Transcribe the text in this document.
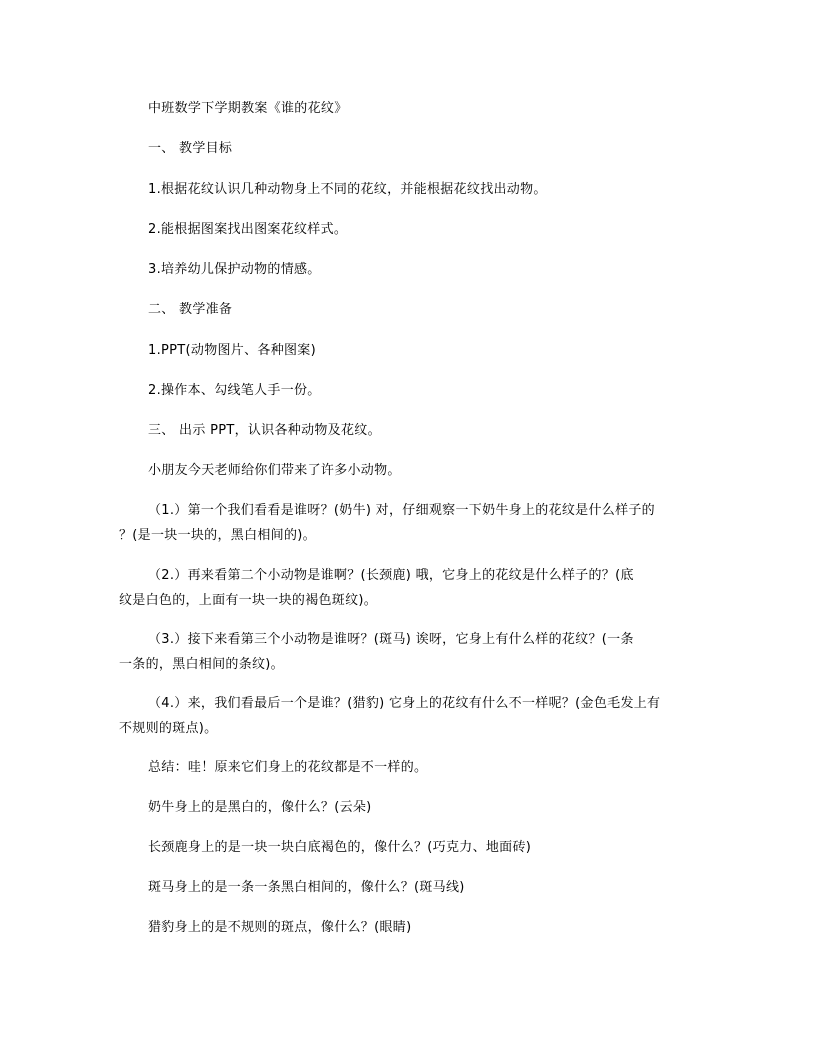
中班数学下学期教案《谁的花纹》
一、 教学目标
1.根据花纹认识几种动物身上不同的花纹，并能根据花纹找出动物。
2.能根据图案找出图案花纹样式。
3.培养幼儿保护动物的情感。
二、 教学准备
1.PPT(动物图片、各种图案)
2.操作本、勾线笔人手一份。
三、 出示 PPT，认识各种动物及花纹。
小朋友今天老师给你们带来了许多小动物。
（1.）第一个我们看看是谁呀？(奶牛) 对，仔细观察一下奶牛身上的花纹是什么样子的
？(是一块一块的，黑白相间的)。
（2.）再来看第二个小动物是谁啊？(长颈鹿) 哦，它身上的花纹是什么样子的？(底
纹是白色的，上面有一块一块的褐色斑纹)。
（3.）接下来看第三个小动物是谁呀？(斑马) 诶呀，它身上有什么样的花纹？(一条
一条的，黑白相间的条纹)。
（4.）来，我们看最后一个是谁？(猎豹) 它身上的花纹有什么不一样呢？(金色毛发上有
不规则的斑点)。
总结：哇！原来它们身上的花纹都是不一样的。
奶牛身上的是黑白的，像什么？(云朵)
长颈鹿身上的是一块一块白底褐色的，像什么？(巧克力、地面砖)
斑马身上的是一条一条黑白相间的，像什么？(斑马线)
猎豹身上的是不规则的斑点，像什么？(眼睛)
